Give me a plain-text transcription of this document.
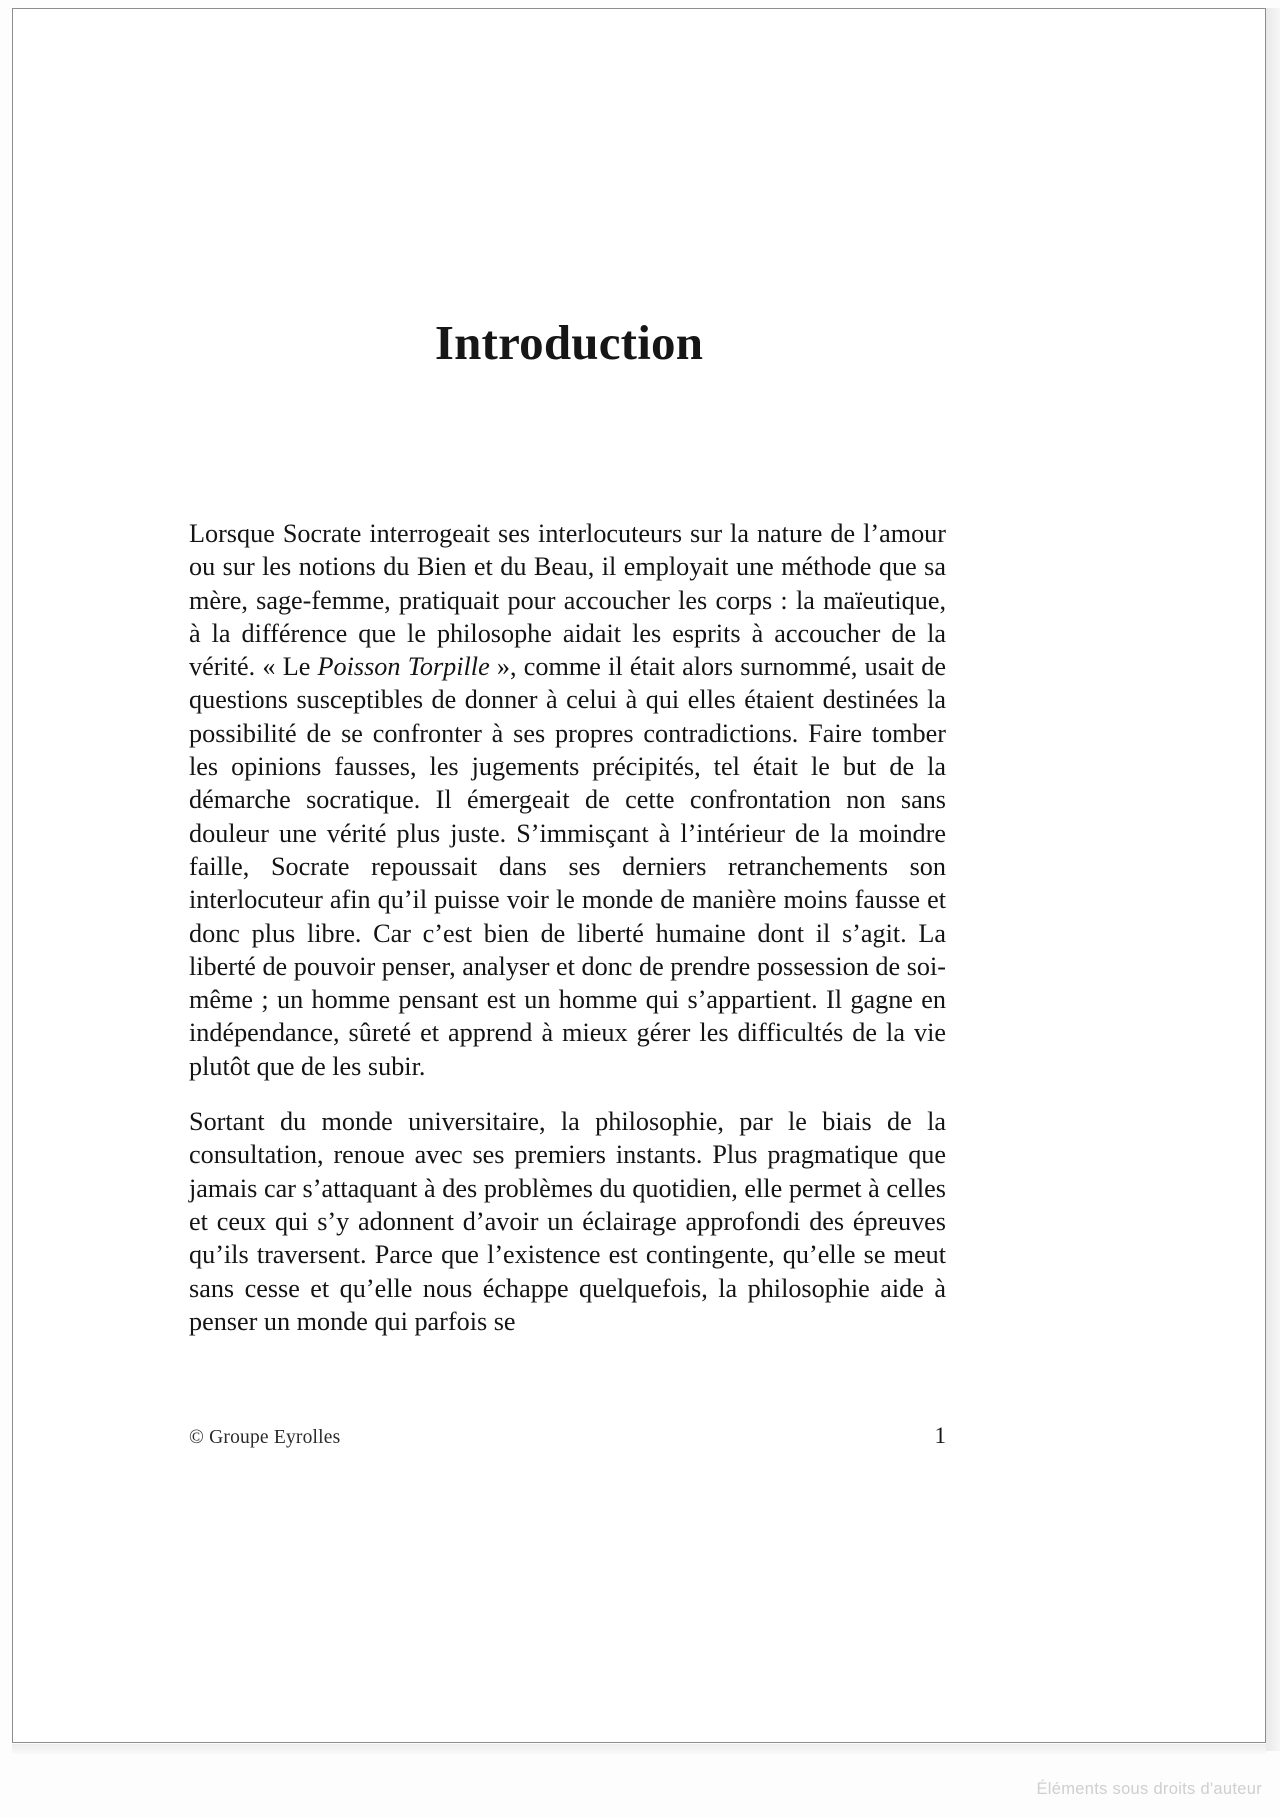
Introduction

Lorsque Socrate interrogeait ses interlocuteurs sur la nature de l’amour ou sur les notions du Bien et du Beau, il employait une méthode que sa mère, sage-femme, pratiquait pour accoucher les corps : la maïeutique, à la différence que le philosophe aidait les esprits à accoucher de la vérité. « Le Poisson Torpille », comme il était alors surnommé, usait de questions susceptibles de donner à celui à qui elles étaient destinées la possibilité de se confronter à ses propres contradictions. Faire tomber les opinions fausses, les jugements précipités, tel était le but de la démarche socratique. Il émergeait de cette confrontation non sans douleur une vérité plus juste. S’immisçant à l’intérieur de la moindre faille, Socrate repoussait dans ses derniers retranchements son interlocuteur afin qu’il puisse voir le monde de manière moins fausse et donc plus libre. Car c’est bien de liberté humaine dont il s’agit. La liberté de pouvoir penser, analyser et donc de prendre possession de soi-même ; un homme pensant est un homme qui s’appartient. Il gagne en indépendance, sûreté et apprend à mieux gérer les difficultés de la vie plutôt que de les subir.

Sortant du monde universitaire, la philosophie, par le biais de la consultation, renoue avec ses premiers instants. Plus pragmatique que jamais car s’attaquant à des problèmes du quotidien, elle permet à celles et ceux qui s’y adonnent d’avoir un éclairage approfondi des épreuves qu’ils traversent. Parce que l’existence est contingente, qu’elle se meut sans cesse et qu’elle nous échappe quelquefois, la philosophie aide à penser un monde qui parfois se

© Groupe Eyrolles	1
Éléments sous droits d'auteur
